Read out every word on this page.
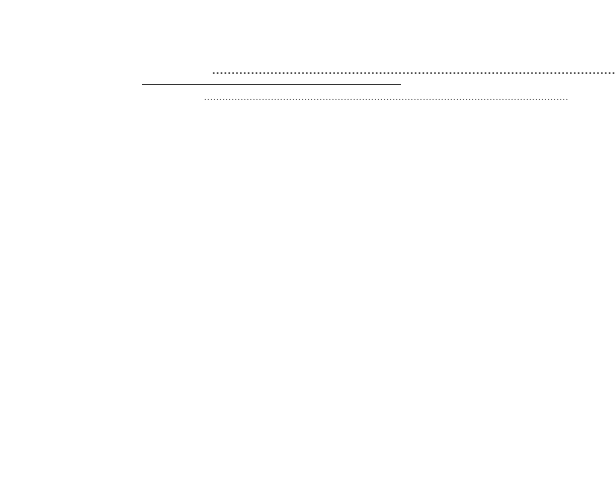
........................................................................................................
........................................................................................................................
